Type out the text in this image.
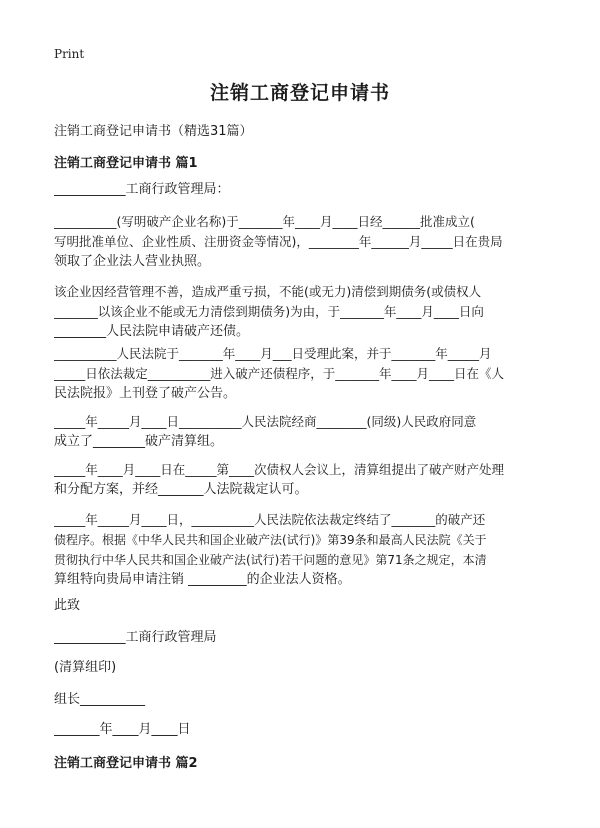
Print
注销工商登记申请书
注销工商登记申请书（精选31篇）
注销工商登记申请书 篇1
___________工商行政管理局：
__________(写明破产企业名称)于_______年____月____日经______批准成立(
写明批准单位、企业性质、注册资金等情况)，________年______月_____日在贵局
领取了企业法人营业执照。
该企业因经营管理不善，造成严重亏损，不能(或无力)清偿到期债务(或债权人
_______以该企业不能或无力清偿到期债务)为由，于_______年____月____日向
________人民法院申请破产还债。
__________人民法院于_______年____月___日受理此案，并于_______年_____月
_____日依法裁定__________进入破产还债程序，于_______年____月____日在《人
民法院报》上刊登了破产公告。
_____年_____月____日__________人民法院经商________(同级)人民政府同意
成立了________破产清算组。
_____年____月____日在_____第____次债权人会议上，清算组提出了破产财产处理
和分配方案，并经_______人法院裁定认可。
_____年_____月____日，__________人民法院依法裁定终结了_______的破产还
债程序。根据《中华人民共和国企业破产法(试行)》第39条和最高人民法院《关于
贯彻执行中华人民共和国企业破产法(试行)若干问题的意见》第71条之规定，本清
算组特向贵局申请注销 _________的企业法人资格。
此致
___________工商行政管理局
(清算组印)
组长__________
_______年____月____日
注销工商登记申请书 篇2
